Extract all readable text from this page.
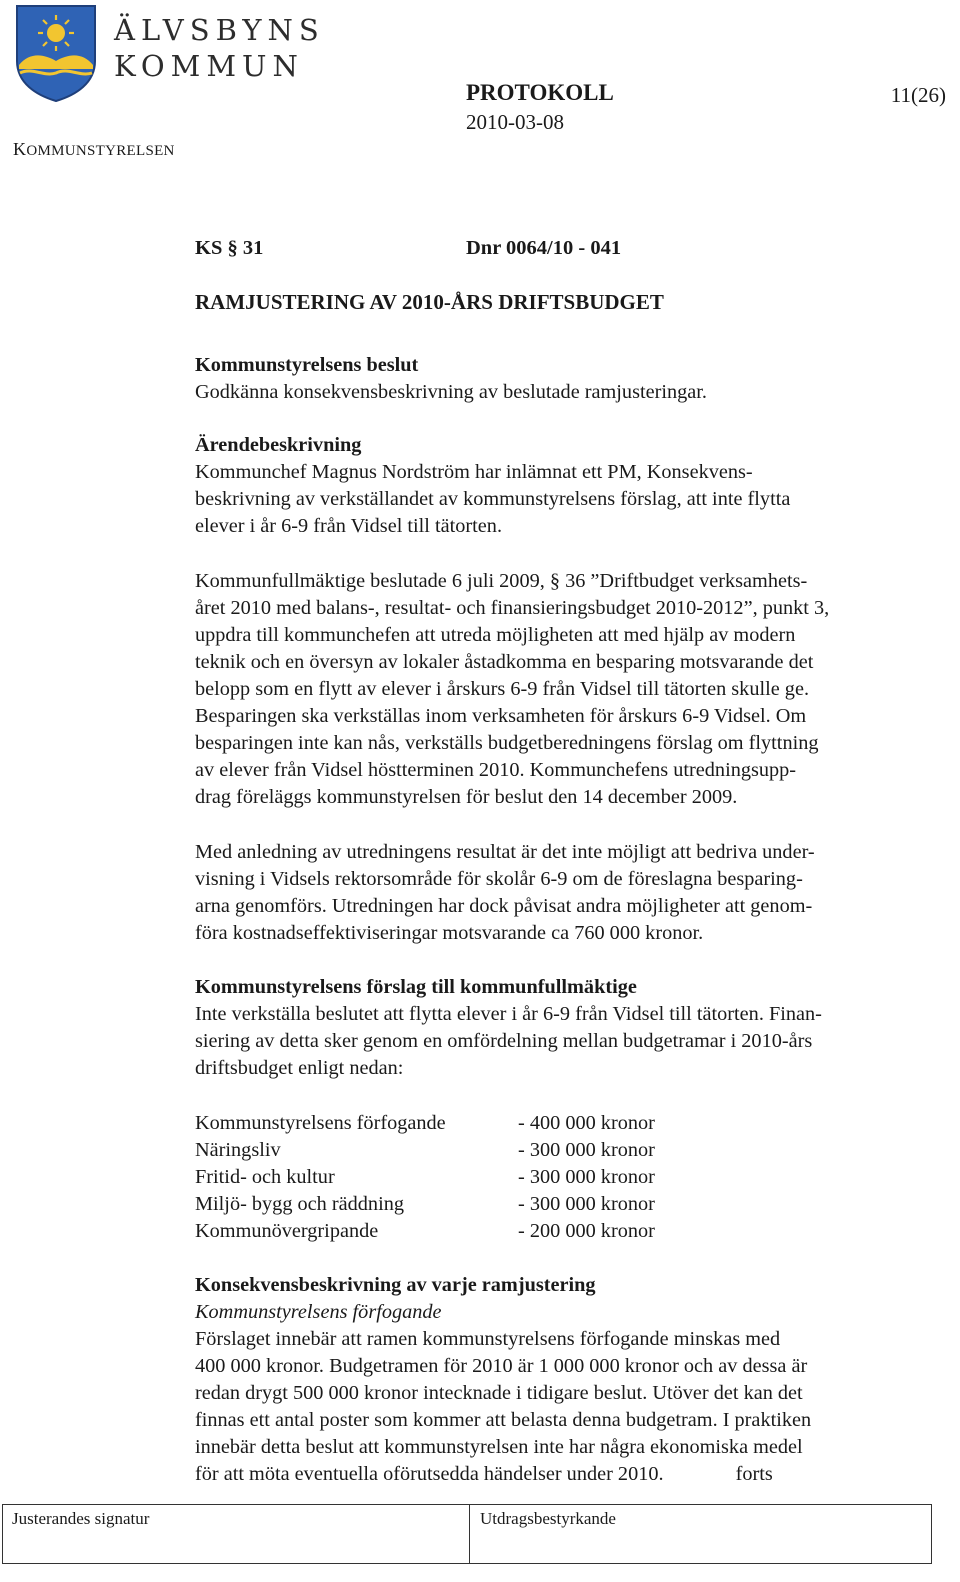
ÄLVSBYNS
KOMMUN
KOMMUNSTYRELSEN
PROTOKOLL	11(26)
2010-03-08
KS § 31	Dnr 0064/10 - 041
RAMJUSTERING AV 2010-ÅRS DRIFTSBUDGET

Kommunstyrelsens beslut

Godkänna konsekvensbeskrivning av beslutade ramjusteringar.

Ärendebeskrivning

Kommunchef Magnus Nordström har inlämnat ett PM, Konsekvens-

beskrivning av verkställandet av kommunstyrelsens förslag, att inte flytta

elever i år 6-9 från Vidsel till tätorten.

Kommunfullmäktige beslutade 6 juli 2009, § 36 ”Driftbudget verksamhets-

året 2010 med balans-, resultat- och finansieringsbudget 2010-2012”, punkt 3,

uppdra till kommunchefen att utreda möjligheten att med hjälp av modern

teknik och en översyn av lokaler åstadkomma en besparing motsvarande det

belopp som en flytt av elever i årskurs 6-9 från Vidsel till tätorten skulle ge.

Besparingen ska verkställas inom verksamheten för årskurs 6-9 Vidsel. Om

besparingen inte kan nås, verkställs budgetberedningens förslag om flyttning

av elever från Vidsel höstterminen 2010. Kommunchefens utredningsupp-

drag föreläggs kommunstyrelsen för beslut den 14 december 2009.

Med anledning av utredningens resultat är det inte möjligt att bedriva under-

visning i Vidsels rektorsområde för skolår 6-9 om de föreslagna besparing-

arna genomförs. Utredningen har dock påvisat andra möjligheter att genom-

föra kostnadseffektiviseringar motsvarande ca 760 000 kronor.

Kommunstyrelsens förslag till kommunfullmäktige

Inte verkställa beslutet att flytta elever i år 6-9 från Vidsel till tätorten. Finan-

siering av detta sker genom en omfördelning mellan budgetramar i 2010-års

driftsbudget enligt nedan:

Kommunstyrelsens förfogande	- 400 000 kronor
Näringsliv	- 300 000 kronor
Fritid- och kultur	- 300 000 kronor
Miljö- bygg och räddning	- 300 000 kronor
Kommunövergripande	- 200 000 kronor

Konsekvensbeskrivning av varje ramjustering

Kommunstyrelsens förfogande

Förslaget innebär att ramen kommunstyrelsens förfogande minskas med

400 000 kronor. Budgetramen för 2010 är 1 000 000 kronor och av dessa är

redan drygt 500 000 kronor intecknade i tidigare beslut. Utöver det kan det

finnas ett antal poster som kommer att belasta denna budgetram. I praktiken

innebär detta beslut att kommunstyrelsen inte har några ekonomiska medel

för att möta eventuella oförutsedda händelser under 2010.	forts

Justerandes signatur	Utdragsbestyrkande
